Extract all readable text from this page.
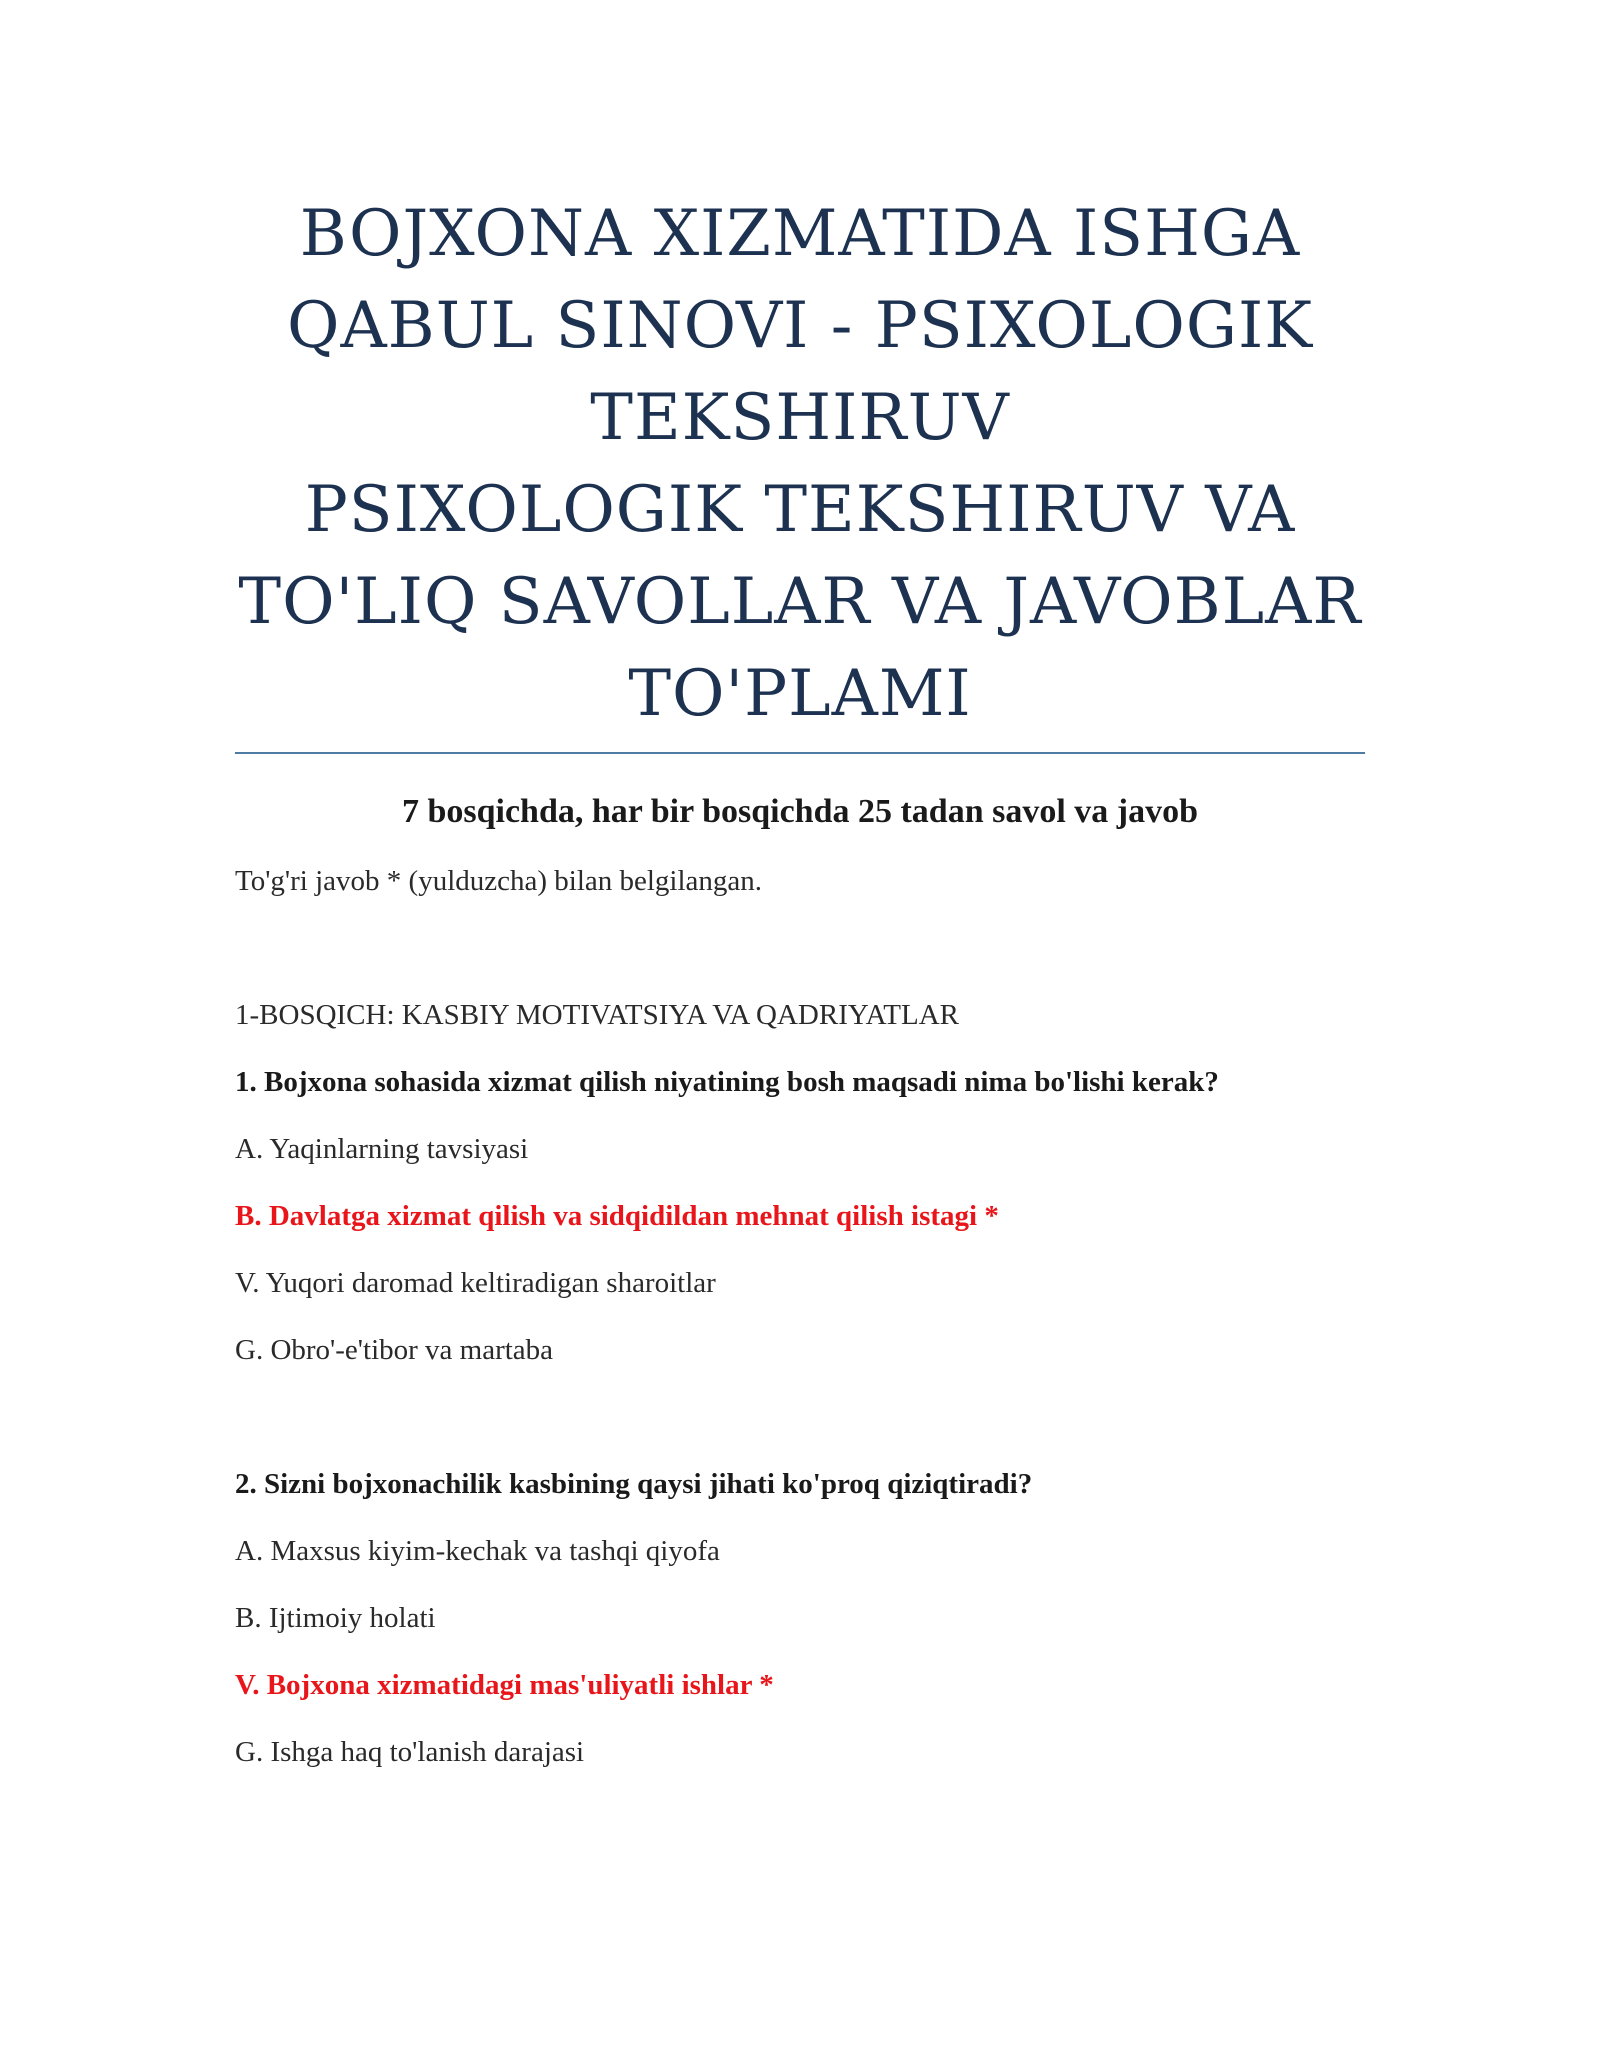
BOJXONA XIZMATIDA ISHGA
QABUL SINOVI - PSIXOLOGIK
TEKSHIRUV
PSIXOLOGIK TEKSHIRUV VA
TO'LIQ SAVOLLAR VA JAVOBLAR
TO'PLAMI
7 bosqichda, har bir bosqichda 25 tadan savol va javob
To'g'ri javob * (yulduzcha) bilan belgilangan.
1-BOSQICH: KASBIY MOTIVATSIYA VA QADRIYATLAR
1. Bojxona sohasida xizmat qilish niyatining bosh maqsadi nima bo'lishi kerak?
A. Yaqinlarning tavsiyasi
B. Davlatga xizmat qilish va sidqidildan mehnat qilish istagi *
V. Yuqori daromad keltiradigan sharoitlar
G. Obro'-e'tibor va martaba
2. Sizni bojxonachilik kasbining qaysi jihati ko'proq qiziqtiradi?
A. Maxsus kiyim-kechak va tashqi qiyofa
B. Ijtimoiy holati
V. Bojxona xizmatidagi mas'uliyatli ishlar *
G. Ishga haq to'lanish darajasi
